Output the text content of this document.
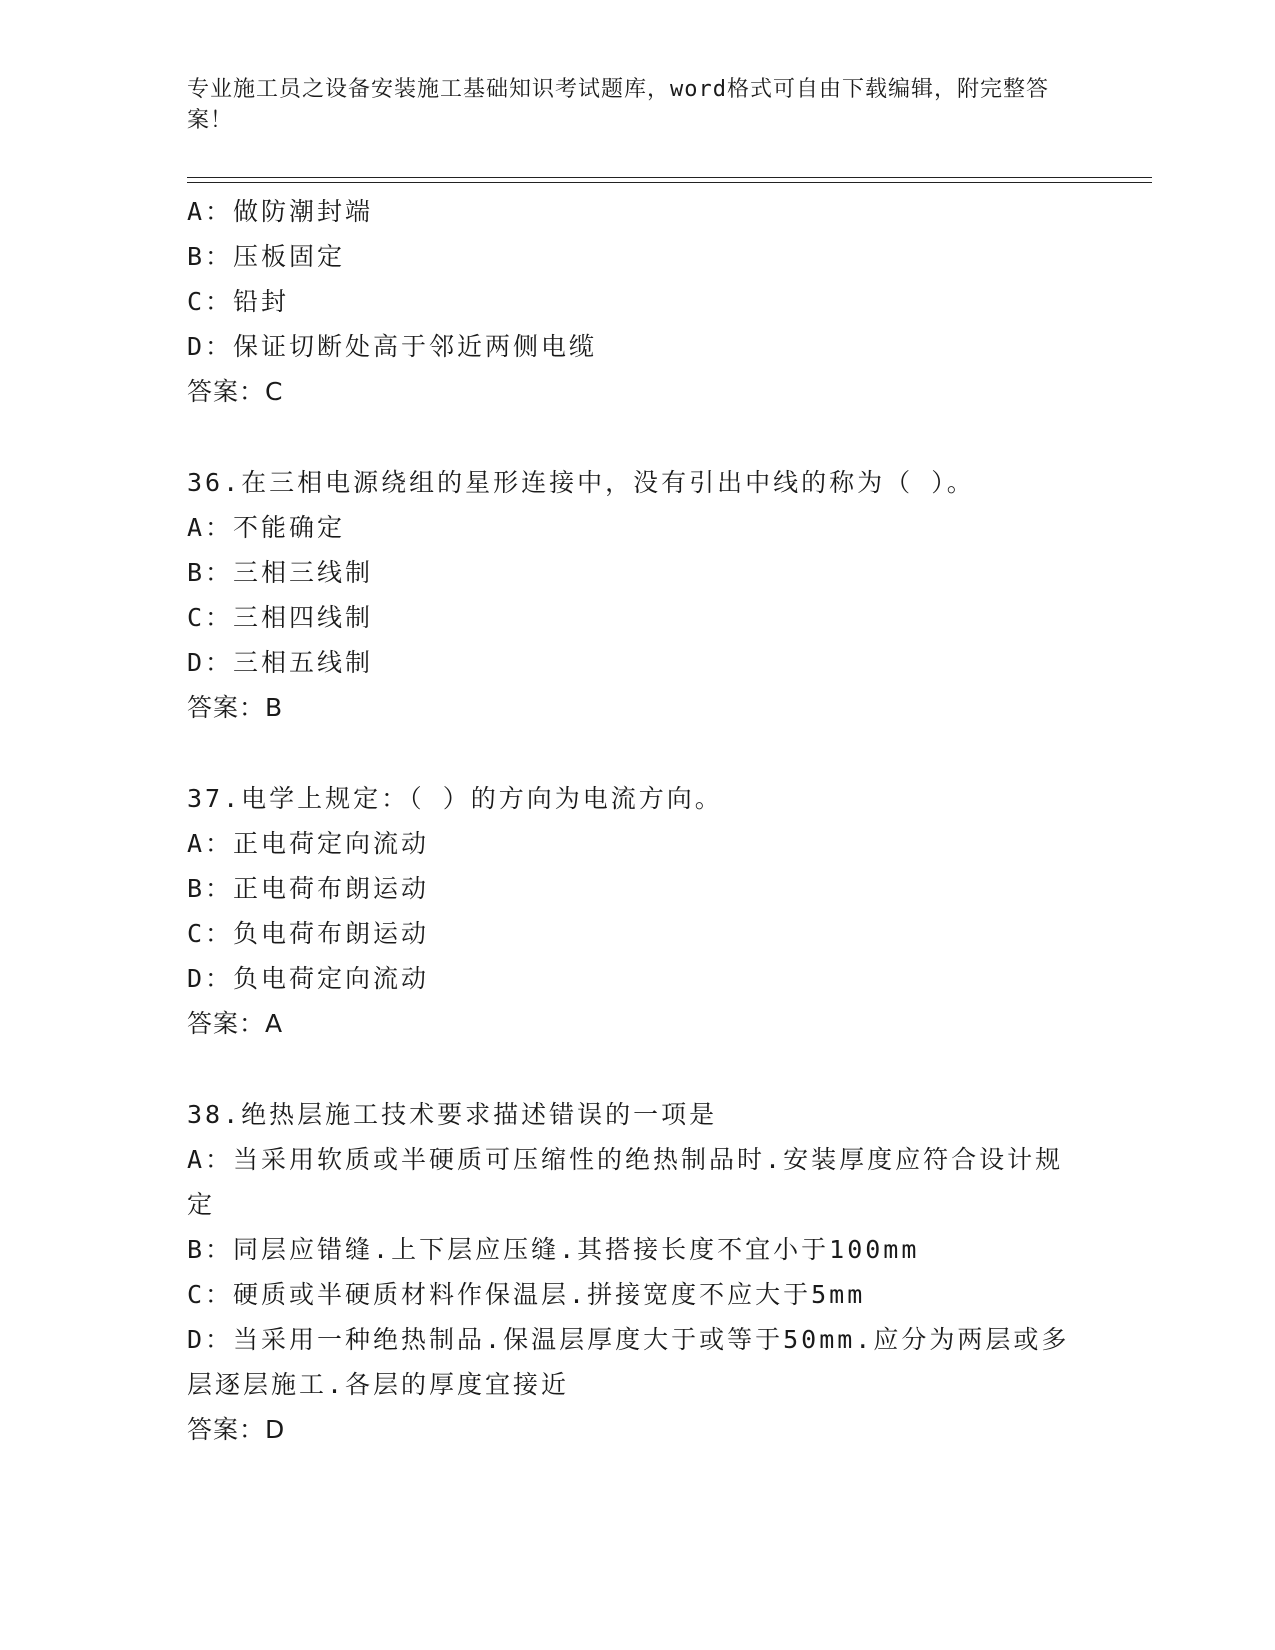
专业施工员之设备安装施工基础知识考试题库，word格式可自由下载编辑，附完整答案！
A：做防潮封端
B：压板固定
C：铅封
D：保证切断处高于邻近两侧电缆
答案：C
36.在三相电源绕组的星形连接中，没有引出中线的称为（ ）。
A：不能确定
B：三相三线制
C：三相四线制
D：三相五线制
答案：B
37.电学上规定：（ ）的方向为电流方向。
A：正电荷定向流动
B：正电荷布朗运动
C：负电荷布朗运动
D：负电荷定向流动
答案：A
38.绝热层施工技术要求描述错误的一项是
A：当采用软质或半硬质可压缩性的绝热制品时.安装厚度应符合设计规定
B：同层应错缝.上下层应压缝.其搭接长度不宜小于100mm
C：硬质或半硬质材料作保温层.拼接宽度不应大于5mm
D：当采用一种绝热制品.保温层厚度大于或等于50mm.应分为两层或多层逐层施工.各层的厚度宜接近
答案：D
